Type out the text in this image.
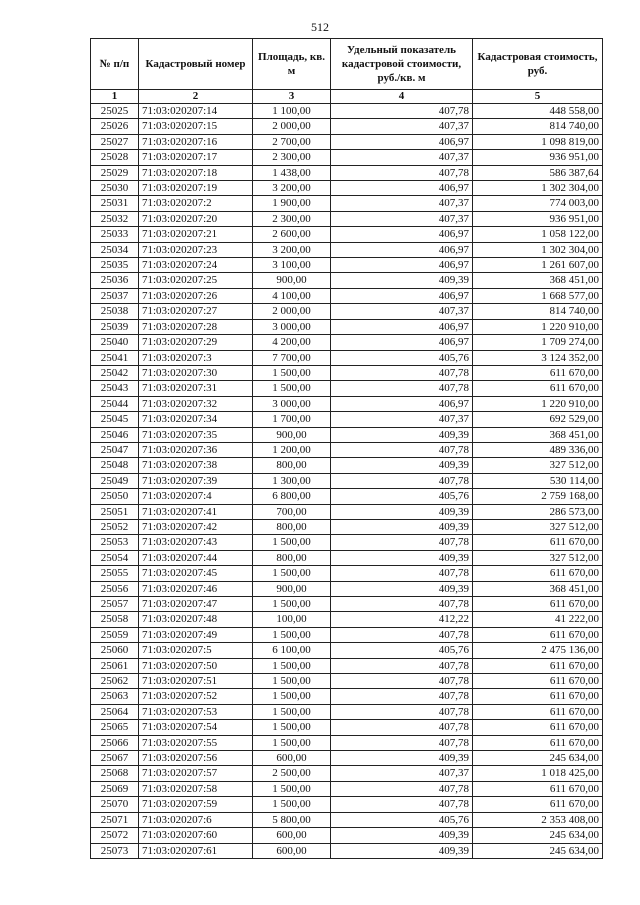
512
№ п/п	Кадастровый номер	Площадь, кв. м	Удельный показатель кадастровой стоимости, руб./кв. м	Кадастровая стоимость, руб.
1	2	3	4	5
25025	71:03:020207:14	1 100,00	407,78	448 558,00
25026	71:03:020207:15	2 000,00	407,37	814 740,00
25027	71:03:020207:16	2 700,00	406,97	1 098 819,00
25028	71:03:020207:17	2 300,00	407,37	936 951,00
25029	71:03:020207:18	1 438,00	407,78	586 387,64
25030	71:03:020207:19	3 200,00	406,97	1 302 304,00
25031	71:03:020207:2	1 900,00	407,37	774 003,00
25032	71:03:020207:20	2 300,00	407,37	936 951,00
25033	71:03:020207:21	2 600,00	406,97	1 058 122,00
25034	71:03:020207:23	3 200,00	406,97	1 302 304,00
25035	71:03:020207:24	3 100,00	406,97	1 261 607,00
25036	71:03:020207:25	900,00	409,39	368 451,00
25037	71:03:020207:26	4 100,00	406,97	1 668 577,00
25038	71:03:020207:27	2 000,00	407,37	814 740,00
25039	71:03:020207:28	3 000,00	406,97	1 220 910,00
25040	71:03:020207:29	4 200,00	406,97	1 709 274,00
25041	71:03:020207:3	7 700,00	405,76	3 124 352,00
25042	71:03:020207:30	1 500,00	407,78	611 670,00
25043	71:03:020207:31	1 500,00	407,78	611 670,00
25044	71:03:020207:32	3 000,00	406,97	1 220 910,00
25045	71:03:020207:34	1 700,00	407,37	692 529,00
25046	71:03:020207:35	900,00	409,39	368 451,00
25047	71:03:020207:36	1 200,00	407,78	489 336,00
25048	71:03:020207:38	800,00	409,39	327 512,00
25049	71:03:020207:39	1 300,00	407,78	530 114,00
25050	71:03:020207:4	6 800,00	405,76	2 759 168,00
25051	71:03:020207:41	700,00	409,39	286 573,00
25052	71:03:020207:42	800,00	409,39	327 512,00
25053	71:03:020207:43	1 500,00	407,78	611 670,00
25054	71:03:020207:44	800,00	409,39	327 512,00
25055	71:03:020207:45	1 500,00	407,78	611 670,00
25056	71:03:020207:46	900,00	409,39	368 451,00
25057	71:03:020207:47	1 500,00	407,78	611 670,00
25058	71:03:020207:48	100,00	412,22	41 222,00
25059	71:03:020207:49	1 500,00	407,78	611 670,00
25060	71:03:020207:5	6 100,00	405,76	2 475 136,00
25061	71:03:020207:50	1 500,00	407,78	611 670,00
25062	71:03:020207:51	1 500,00	407,78	611 670,00
25063	71:03:020207:52	1 500,00	407,78	611 670,00
25064	71:03:020207:53	1 500,00	407,78	611 670,00
25065	71:03:020207:54	1 500,00	407,78	611 670,00
25066	71:03:020207:55	1 500,00	407,78	611 670,00
25067	71:03:020207:56	600,00	409,39	245 634,00
25068	71:03:020207:57	2 500,00	407,37	1 018 425,00
25069	71:03:020207:58	1 500,00	407,78	611 670,00
25070	71:03:020207:59	1 500,00	407,78	611 670,00
25071	71:03:020207:6	5 800,00	405,76	2 353 408,00
25072	71:03:020207:60	600,00	409,39	245 634,00
25073	71:03:020207:61	600,00	409,39	245 634,00
